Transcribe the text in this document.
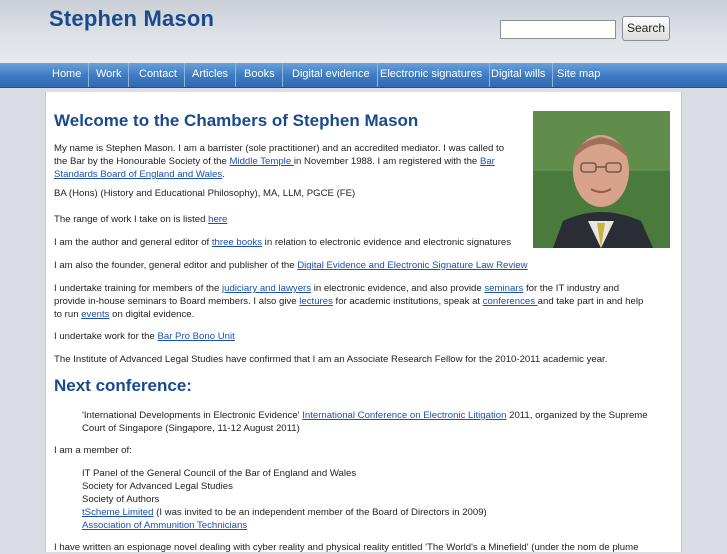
Stephen Mason	Search
Home	Work	Contact	Articles	Books	Digital evidence Electronic signatures Digital wills	Site map
Welcome to the Chambers of Stephen Mason
My name is Stephen Mason. I am a barrister (sole practitioner) and an accredited mediator. I was called to
the Bar by the Honourable Society of the Middle Temple in November 1988. I am registered with the Bar
Standards Board of England and Wales.
BA (Hons) (History and Educational Philosophy), MA, LLM, PGCE (FE)
The range of work I take on is listed here
I am the author and general editor of three books in relation to electronic evidence and electronic signatures
I am also the founder, general editor and publisher of the Digital Evidence and Electronic Signature Law Review
I undertake training for members of the judiciary and lawyers in electronic evidence, and also provide seminars for the IT industry and
provide in-house seminars to Board members. I also give lectures for academic institutions, speak at conferences and take part in and help
to run events on digital evidence.
I undertake work for the Bar Pro Bono Unit
The Institute of Advanced Legal Studies have confirmed that I am an Associate Research Fellow for the 2010-2011 academic year.
Next conference:
'International Developments in Electronic Evidence' International Conference on Electronic Litigation 2011, organized by the Supreme
Court of Singapore (Singapore, 11-12 August 2011)
I am a member of:
IT Panel of the General Council of the Bar of England and Wales
Society for Advanced Legal Studies
Society of Authors
tScheme Limited (I was invited to be an independent member of the Board of Directors in 2009)
Association of Ammunition Technicians
I have written an espionage novel dealing with cyber reality and physical reality entitled 'The World's a Minefield' (under the nom de plume
